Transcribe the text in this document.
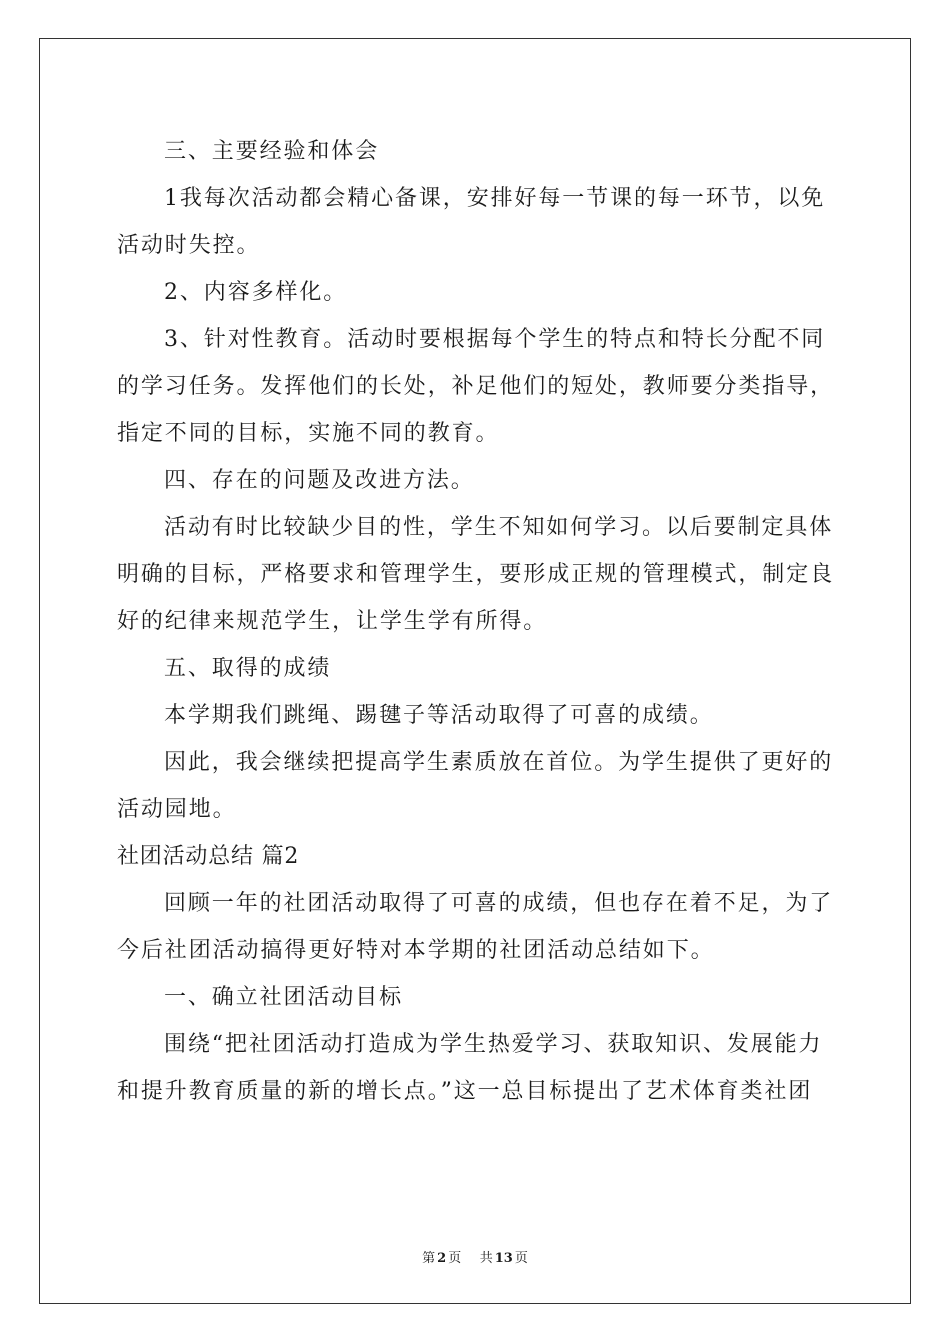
三、主要经验和体会

1我每次活动都会精心备课，安排好每一节课的每一环节，以免活动时失控。

2、内容多样化。

3、针对性教育。活动时要根据每个学生的特点和特长分配不同的学习任务。发挥他们的长处，补足他们的短处，教师要分类指导，指定不同的目标，实施不同的教育。

四、存在的问题及改进方法。

活动有时比较缺少目的性，学生不知如何学习。以后要制定具体明确的目标，严格要求和管理学生，要形成正规的管理模式，制定良好的纪律来规范学生，让学生学有所得。

五、取得的成绩

本学期我们跳绳、踢毽子等活动取得了可喜的成绩。

因此，我会继续把提高学生素质放在首位。为学生提供了更好的活动园地。

社团活动总结 篇2

回顾一年的社团活动取得了可喜的成绩，但也存在着不足，为了今后社团活动搞得更好特对本学期的社团活动总结如下。

一、确立社团活动目标

围绕“把社团活动打造成为学生热爱学习、获取知识、发展能力和提升教育质量的新的增长点。”这一总目标提出了艺术体育类社团

第 2 页 共 13 页
